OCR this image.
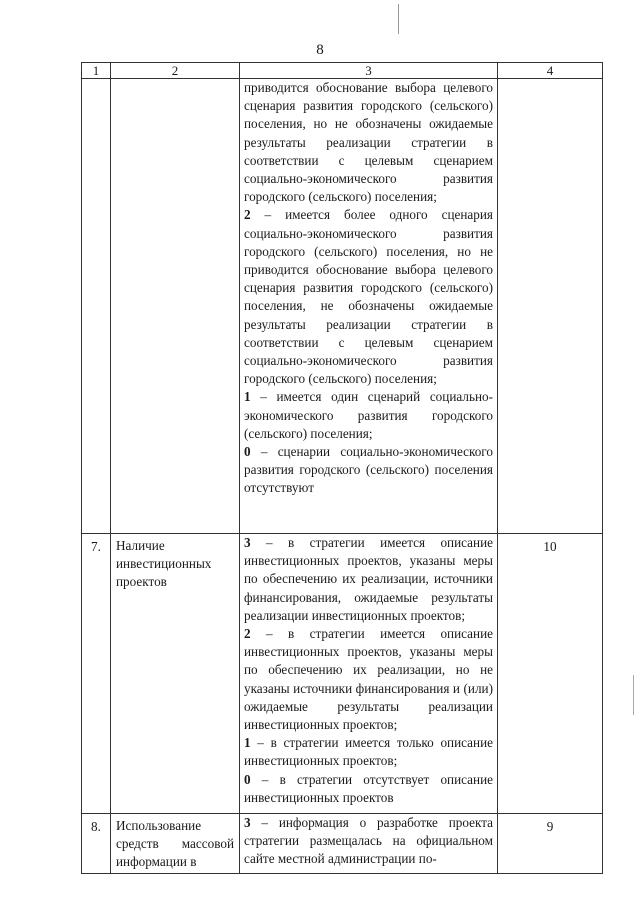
8
1	2	3	4

		приводится обоснование выбора целевого сценария развития городского (сельского) поселения, но не обозначены ожидаемые результаты реализации стратегии в соответствии с целевым сценарием социально-экономического развития городского (сельского) поселения;
2 – имеется более одного сценария социально-экономического развития городского (сельского) поселения, но не приводится обоснование выбора целевого сценария развития городского (сельского) поселения, не обозначены ожидаемые результаты реализации стратегии в соответствии с целевым сценарием социально-экономического развития городского (сельского) поселения;
1 – имеется один сценарий социально-экономического развития городского (сельского) поселения;
0 – сценарии социально-экономического развития городского (сельского) поселения отсутствуют	

7.	Наличие инвестиционных проектов	3 – в стратегии имеется описание инвестиционных проектов, указаны меры по обеспечению их реализации, источники финансирования, ожидаемые результаты реализации инвестиционных проектов;
2 – в стратегии имеется описание инвестиционных проектов, указаны меры по обеспечению их реализации, но не указаны источники финансирования и (или) ожидаемые результаты реализации инвестиционных проектов;
1 – в стратегии имеется только описание инвестиционных проектов;
0 – в стратегии отсутствует описание инвестиционных проектов	10
8.	Использование средств массовой информации в	3 – информация о разработке проекта стратегии размещалась на официальном сайте местной администрации по-	9
